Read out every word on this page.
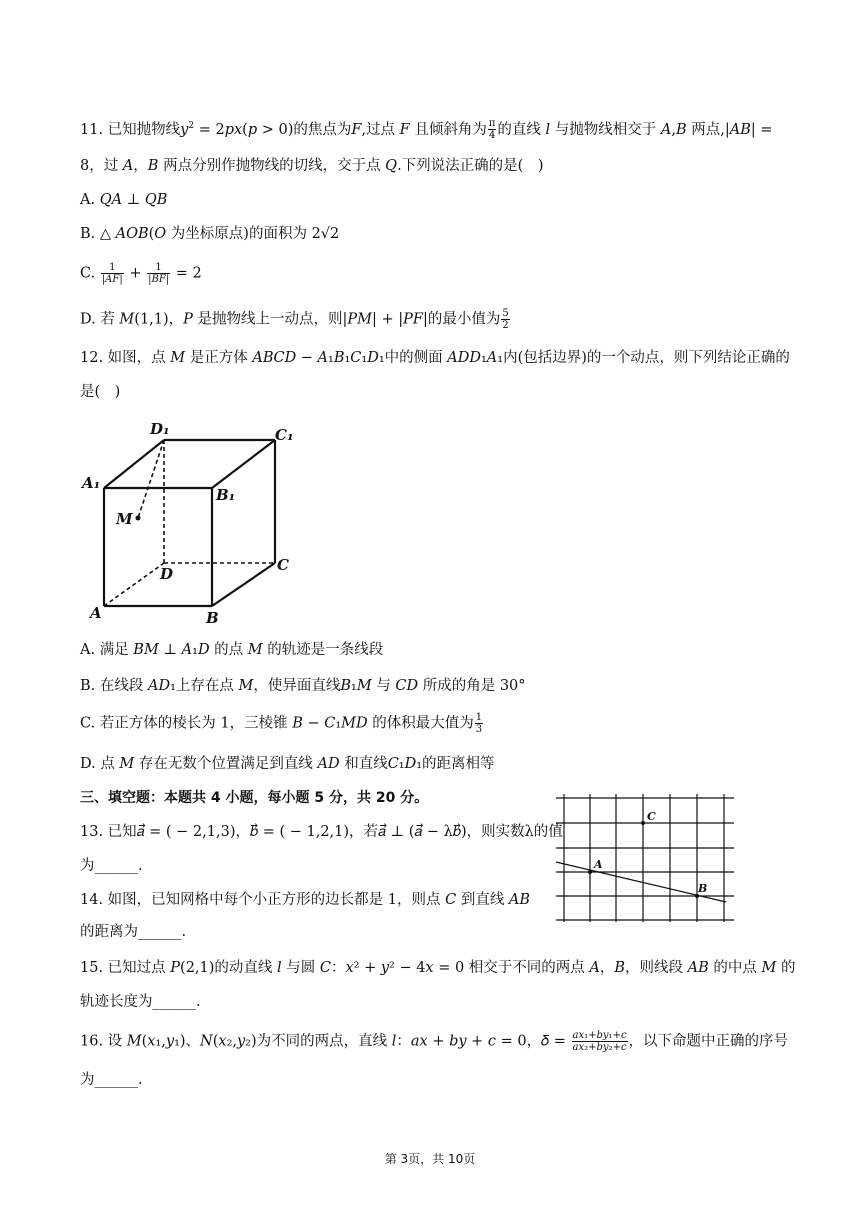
11. 已知抛物线$y^2 = 2px(p > 0)$的焦点为F,过点 F 且倾斜角为 $\frac{\pi}{4}$ 的直线 l 与抛物线相交于 A,B 两点,|AB| =
8，过 𝐴，𝐵 两点分别作抛物线的切线，交于点 𝑄.下列说法正确的是(　)
A. 𝑄𝐴 ⊥ 𝑄𝐵
B. △ 𝐴𝑂𝐵(𝑂 为坐标原点)的面积为 2√2
C. $\frac{1}{|AF|} + \frac{1}{|BF|} = 2$
D. 若 𝑀(1,1)，𝑃 是抛物线上一动点，则|𝑃𝑀| + |𝑃𝐹|的最小值为 $\frac{5}{2}$
12. 如图，点 𝑀 是正方体 𝐴𝐵𝐶𝐷 − 𝐴₁𝐵₁𝐶₁𝐷₁中的侧面 𝐴𝐷𝐷₁𝐴₁内(包括边界)的一个动点，则下列结论正确的
是(　)
D₁	C₁
A₁
B₁
M
D	C
A	B
A. 满足 𝐵𝑀 ⊥ 𝐴₁𝐷 的点 𝑀 的轨迹是一条线段
B. 在线段 𝐴𝐷₁上存在点 𝑀，使异面直线𝐵₁𝑀 与 𝐶𝐷 所成的角是 30°
C. 若正方体的棱长为 1，三棱锥 𝐵 − 𝐶₁𝑀𝐷 的体积最大值为 $\frac{1}{3}$
D. 点 𝑀 存在无数个位置满足到直线 𝐴𝐷 和直线𝐶₁𝐷₁的距离相等
三、填空题：本题共 4 小题，每小题 5 分，共 20 分。
13. 已知𝑎⃗ = ( − 2,1,3)，𝑏⃗ = ( − 1,2,1)，若𝑎⃗ ⊥ (𝑎⃗ − λ𝑏⃗)，则实数λ的值
为______.
14. 如图，已知网格中每个小正方形的边长都是 1，则点 𝐶 到直线 𝐴𝐵
的距离为______.
A
B
C
15. 已知过点 𝑃(2,1)的动直线 𝑙 与圆 𝐶：𝑥² + 𝑦² − 4𝑥 = 0 相交于不同的两点 𝐴，𝐵，则线段 𝐴𝐵 的中点 𝑀 的
轨迹长度为______.
16. 设 𝑀(𝑥₁,𝑦₁)、𝑁(𝑥₂,𝑦₂)为不同的两点，直线 𝑙：𝑎𝑥 + 𝑏𝑦 + 𝑐 = 0，𝛿 = $\frac{\text{𝑎𝑥₁+𝑏𝑦₁+𝑐}}{\text{𝑎𝑥₂+𝑏𝑦₂+𝑐}}$ ，以下命题中正确的序号
为______.
第 3页，共 10页
